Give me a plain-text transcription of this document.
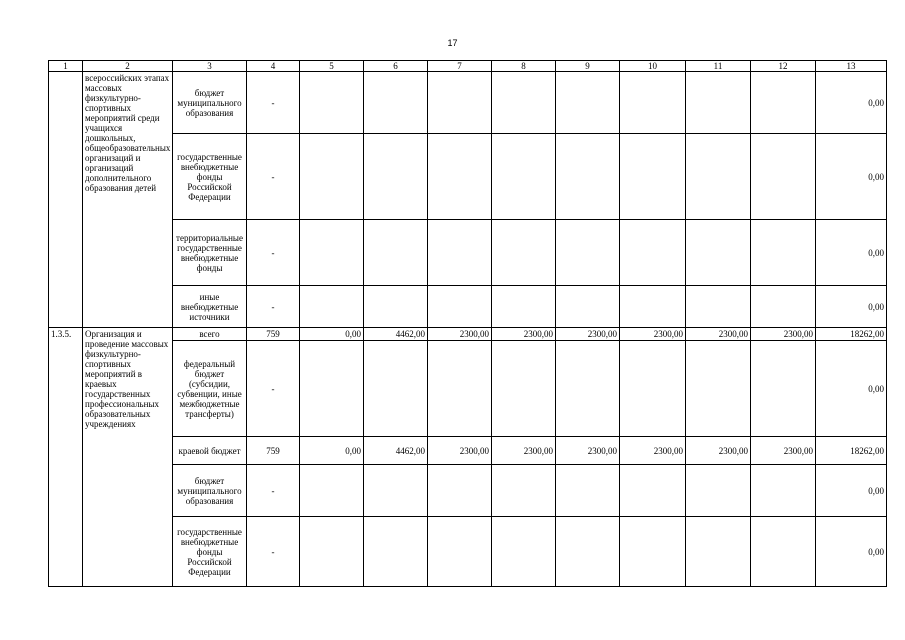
17
1	2	3	4	5	6	7	8	9	10	11	12	13
	всероссийских этапах массовых физкультурно-спортивных мероприятий среди учащихся дошкольных, общеобразовательных организаций и организаций дополнительного образования детей	бюджет муниципального образования	-									0,00
		государственные внебюджетные фонды Российской Федерации	-									0,00
		территориальные государственные внебюджетные фонды	-									0,00
		иные внебюджетные источники	-									0,00
1.3.5.	Организация и проведение массовых физкультурно-спортивных мероприятий в краевых государственных профессиональных образовательных учреждениях	всего	759	0,00	4462,00	2300,00	2300,00	2300,00	2300,00	2300,00	2300,00	18262,00
		федеральный бюджет (субсидии, субвенции, иные межбюджетные трансферты)	-									0,00
		краевой бюджет	759	0,00	4462,00	2300,00	2300,00	2300,00	2300,00	2300,00	2300,00	18262,00
		бюджет муниципального образования	-									0,00
		государственные внебюджетные фонды Российской Федерации	-									0,00
